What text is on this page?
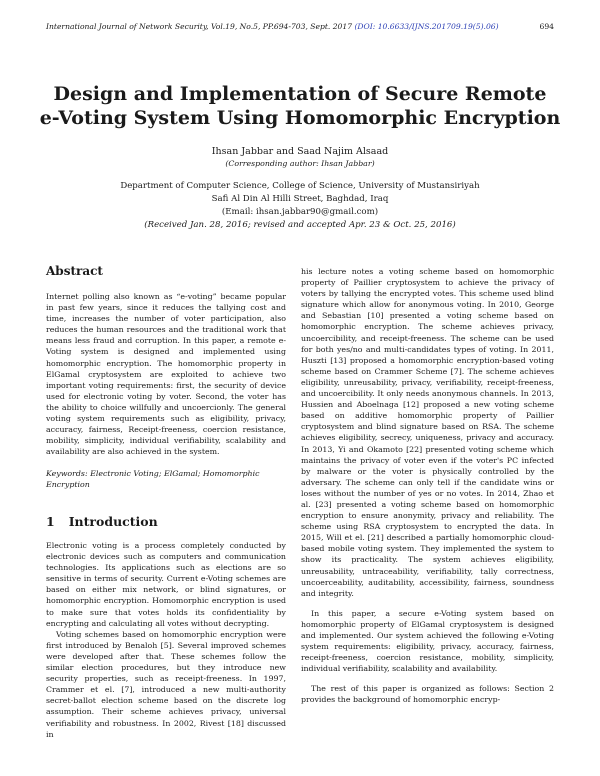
International Journal of Network Security, Vol.19, No.5, PP.694-703, Sept. 2017 (DOI: 10.6633/IJNS.201709.19(5).06)	694
Design and Implementation of Secure Remote
e-Voting System Using Homomorphic Encryption
Ihsan Jabbar and Saad Najim Alsaad
(Corresponding author: Ihsan Jabbar)
Department of Computer Science, College of Science, University of Mustansiriyah
Safi Al Din Al Hilli Street, Baghdad, Iraq
(Email: ihsan.jabbar90@gmail.com)
(Received Jan. 28, 2016; revised and accepted Apr. 23 & Oct. 25, 2016)
Abstract

Internet polling also known as “e-voting” became popular in past few years, since it reduces the tallying cost and time, increases the number of voter participation, also reduces the human resources and the traditional work that means less fraud and corruption. In this paper, a remote e-Voting system is designed and implemented using homomorphic encryption. The homomorphic property in ElGamal cryptosystem are exploited to achieve two important voting requirements: first, the security of device used for electronic voting by voter. Second, the voter has the ability to choice willfully and uncoercionly. The general voting system requirements such as eligibility, privacy, accuracy, fairness, Receipt-freeness, coercion resistance, mobility, simplicity, individual verifiability, scalability and availability are also achieved in the system.

Keywords: Electronic Voting; ElGamal; Homomorphic Encryption
1 Introduction

Electronic voting is a process completely conducted by electronic devices such as computers and communication technologies. Its applications such as elections are so sensitive in terms of security. Current e-Voting schemes are based on either mix network, or blind signatures, or homomorphic encryption. Homomorphic encryption is used to make sure that votes holds its confidentiality by encrypting and calculating all votes without decrypting.

Voting schemes based on homomorphic encryption were first introduced by Benaloh [5]. Several improved schemes were developed after that. These schemes follow the similar election procedures, but they introduce new security properties, such as receipt-freeness. In 1997, Crammer et el. [7], introduced a new multi-authority secret-ballot election scheme based on the discrete log assumption. Their scheme achieves privacy, universal verifiability and robustness. In 2002, Rivest [18] discussed in

his lecture notes a voting scheme based on homomorphic property of Paillier cryptosystem to achieve the privacy of voters by tallying the encrypted votes. This scheme used blind signature which allow for anonymous voting. In 2010, George and Sebastian [10] presented a voting scheme based on homomorphic encryption. The scheme achieves privacy, uncoercibility, and receipt-freeness. The scheme can be used for both yes/no and multi-candidates types of voting. In 2011, Huszti [13] proposed a homomorphic encryption-based voting scheme based on Crammer Scheme [7]. The scheme achieves eligibility, unreusability, privacy, verifiability, receipt-freeness, and uncoercibility. It only needs anonymous channels. In 2013, Hussien and Aboelnaga [12] proposed a new voting scheme based on additive homomorphic property of Paillier cryptosystem and blind signature based on RSA. The scheme achieves eligibility, secrecy, uniqueness, privacy and accuracy. In 2013, Yi and Okamoto [22] presented voting scheme which maintains the privacy of voter even if the voter's PC infected by malware or the voter is physically controlled by the adversary. The scheme can only tell if the candidate wins or loses without the number of yes or no votes. In 2014, Zhao et al. [23] presented a voting scheme based on homomorphic encryption to ensure anonymity, privacy and reliability. The scheme using RSA cryptosystem to encrypted the data. In 2015, Will et el. [21] described a partially homomorphic cloud-based mobile voting system. They implemented the system to show its practicality. The system achieves eligibility, unreusability, untraceability, verifiability, tally correctness, uncoerceability, auditability, accessibility, fairness, soundness and integrity.

In this paper, a secure e-Voting system based on homomorphic property of ElGamal cryptosystem is designed and implemented. Our system achieved the following e-Voting system requirements: eligibility, privacy, accuracy, fairness, receipt-freeness, coercion resistance, mobility, simplicity, individual verifiability, scalability and availability.

The rest of this paper is organized as follows: Section 2 provides the background of homomorphic encryp-
